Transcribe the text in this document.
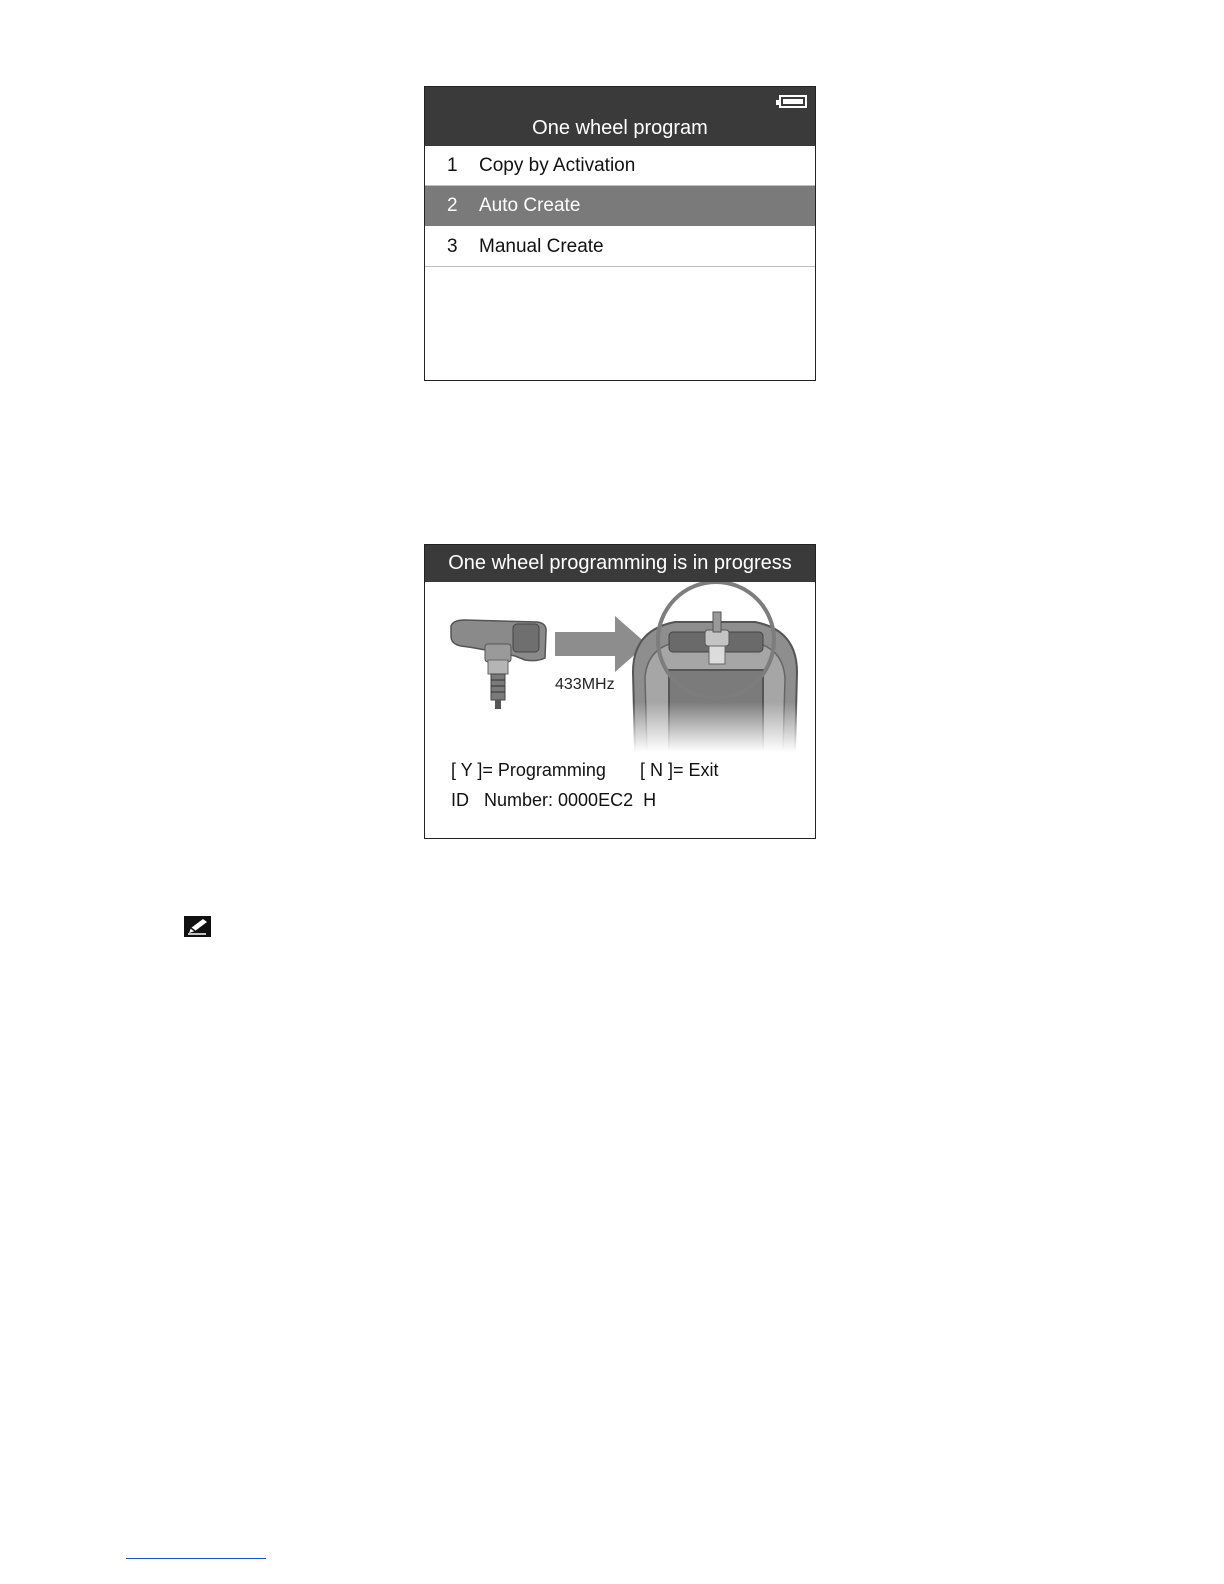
One wheel program
1 Copy by Activation
2 Auto Create
3 Manual Create
One wheel programming is in progress
433MHz
[ Y ]= Programming [ N ]= Exit
ID   Number: 0000EC2  H
